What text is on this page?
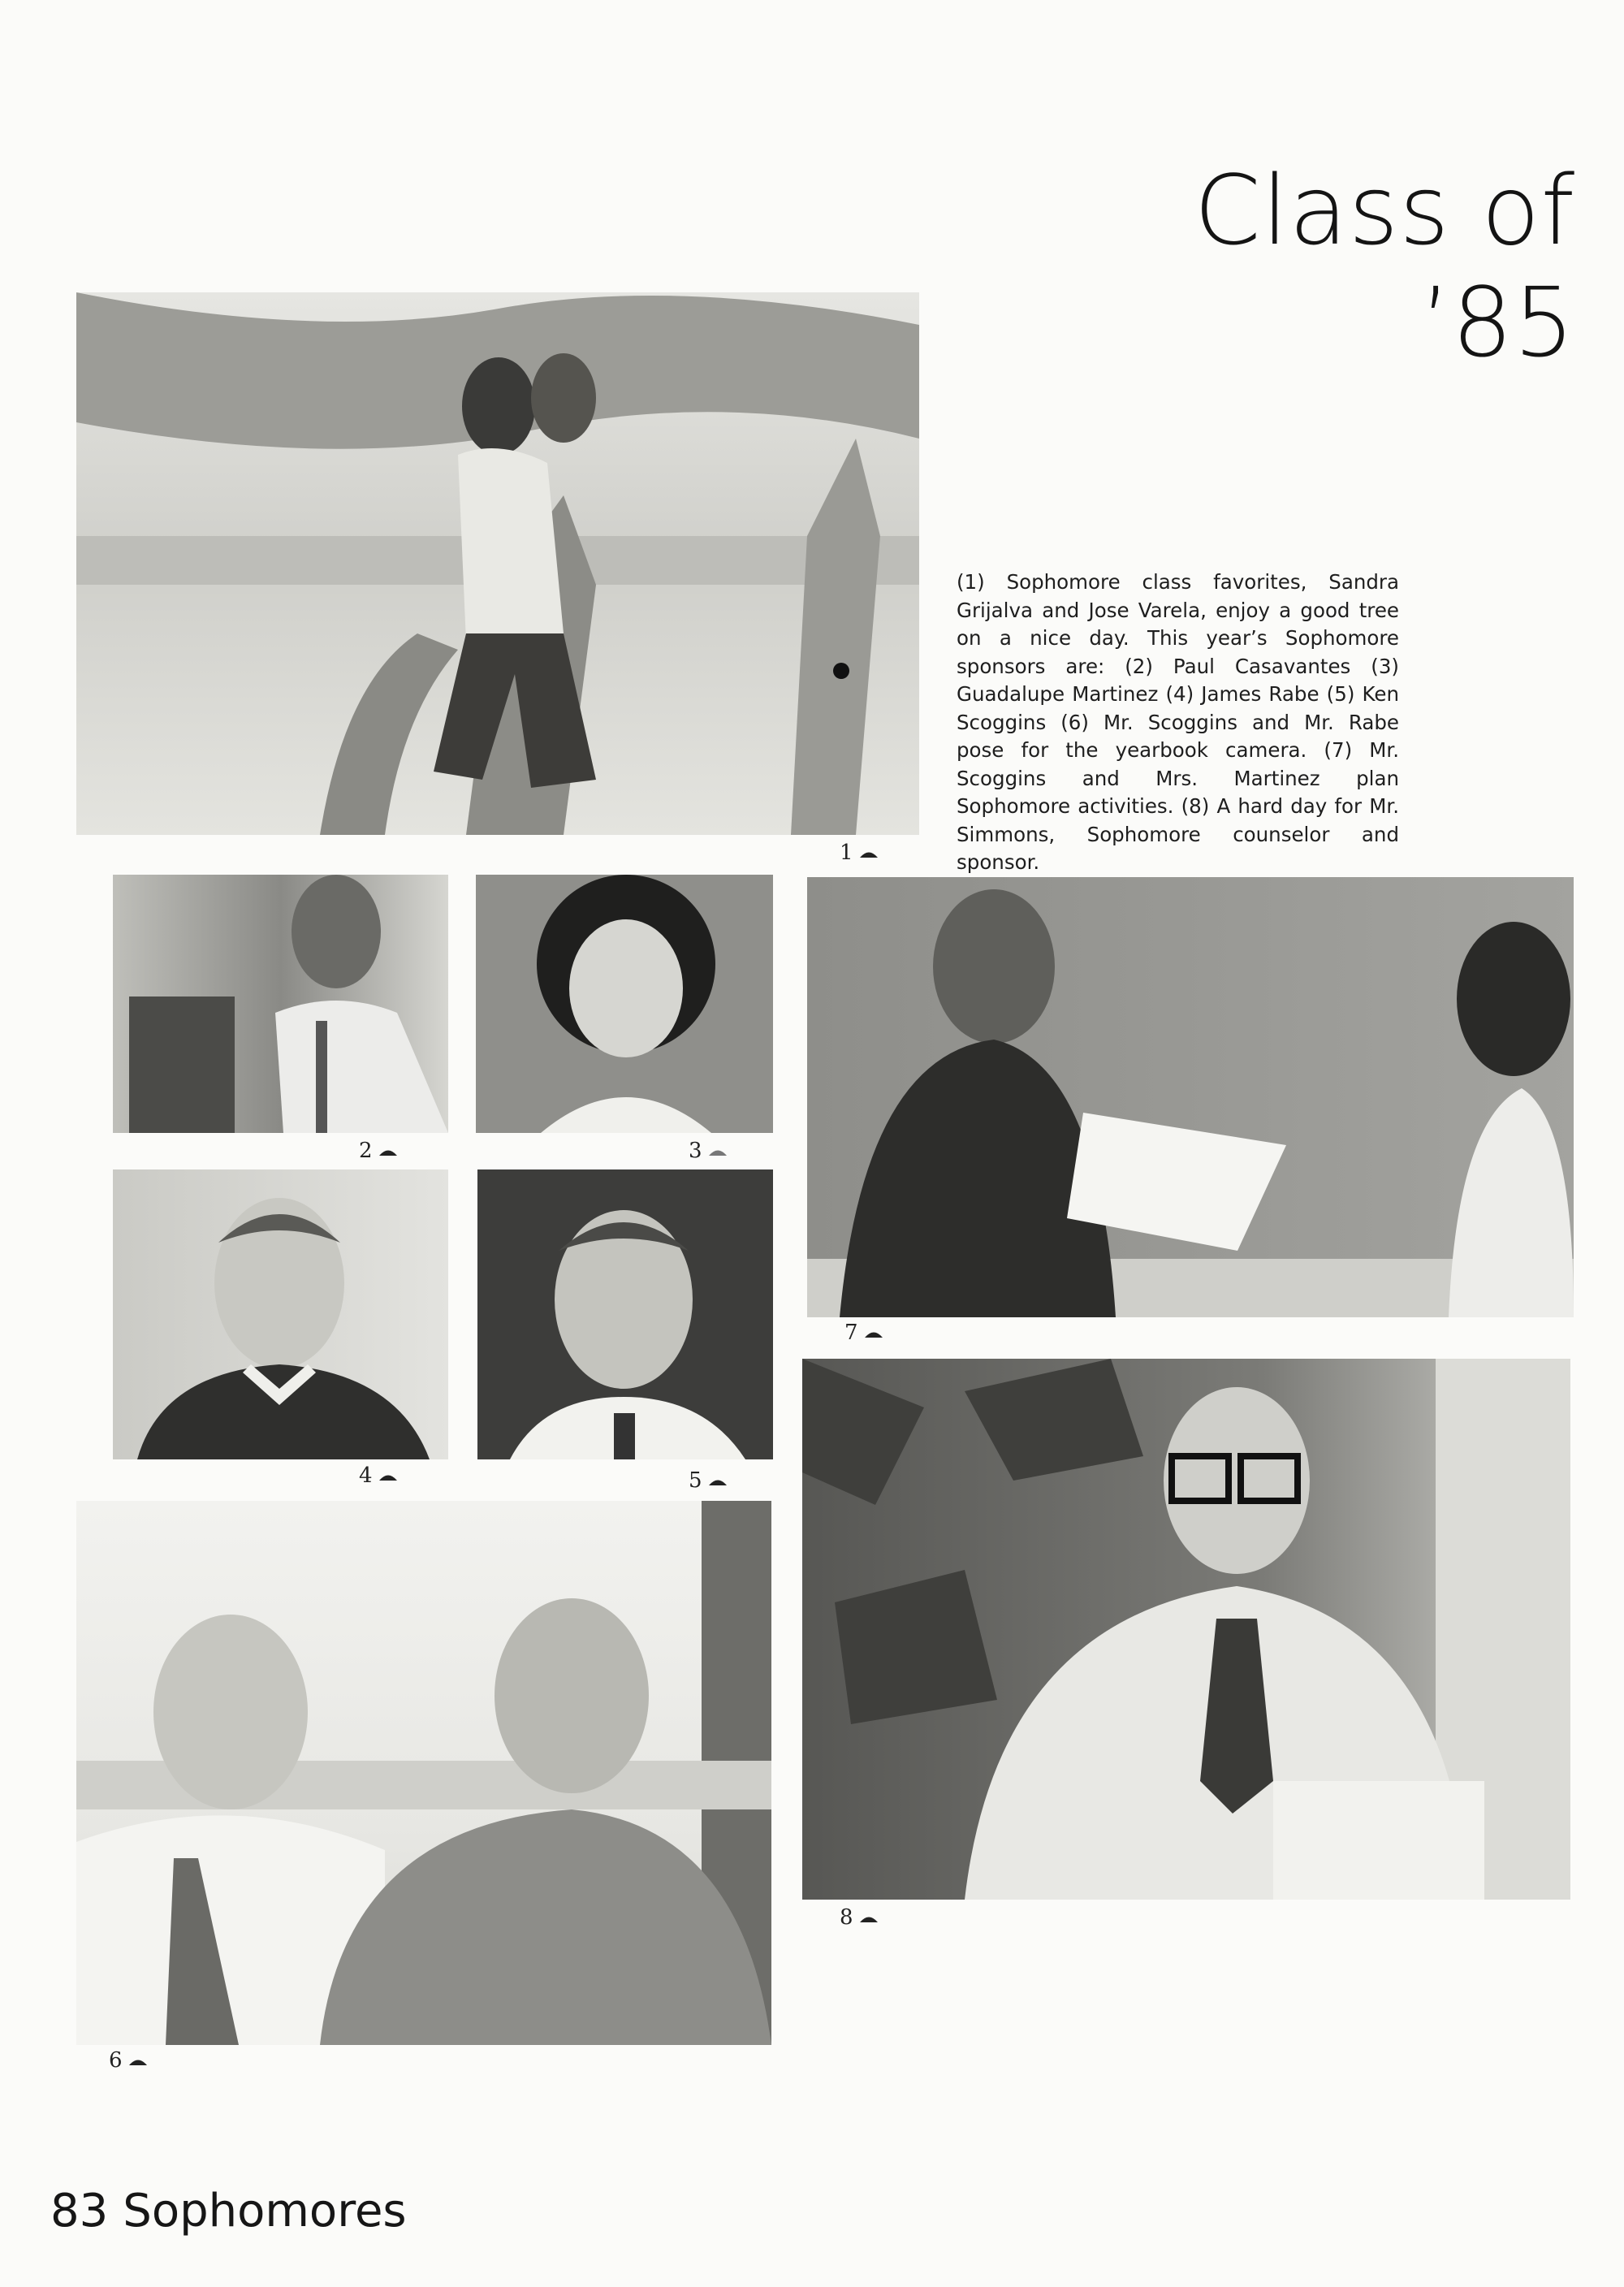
Class of ’85

(1) Sophomore class favorites, Sandra Grijalva and Jose Varela, enjoy a good tree on a nice day. This year’s Sophomore sponsors are: (2) Paul Casavantes (3) Guadalupe Martinez (4) James Rabe (5) Ken Scoggins (6) Mr. Scoggins and Mr. Rabe pose for the yearbook camera. (7) Mr. Scoggins and Mrs. Martinez plan Sophomore activities. (8) A hard day for Mr. Simmons, Sophomore counselor and sponsor.

1
2	3
4	5
6
7
8
83 Sophomores
